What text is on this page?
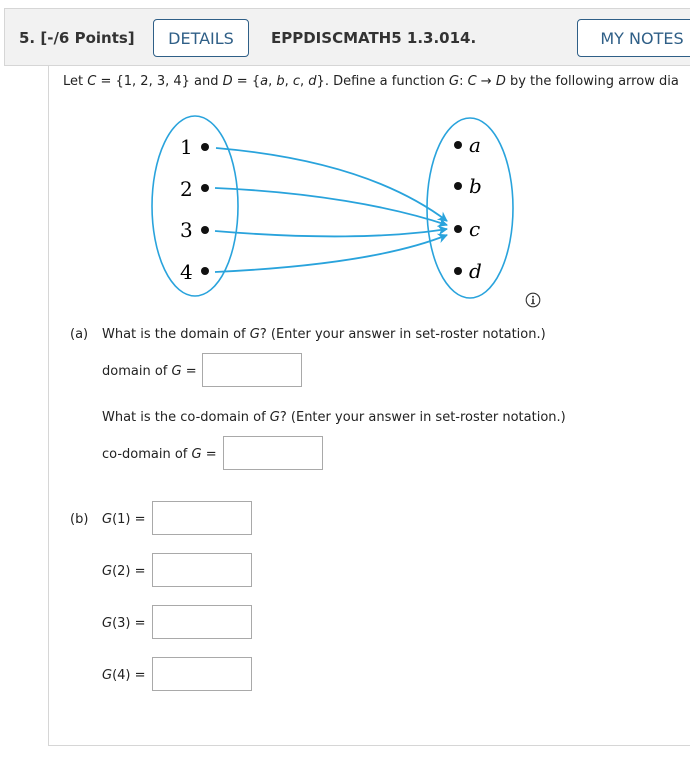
5. [-/6 Points]	DETAILS	EPPDISCMATH5 1.3.014.	MY NOTES
Let C = {1, 2, 3, 4} and D = {a, b, c, d}. Define a function G: C → D by the following arrow dia
1
2
3
4
a
b
c
d
(a) What is the domain of G? (Enter your answer in set-roster notation.)
domain of G =
What is the co-domain of G? (Enter your answer in set-roster notation.)
co-domain of G =
(b) G(1) =
G(2) =
G(3) =
G(4) =
